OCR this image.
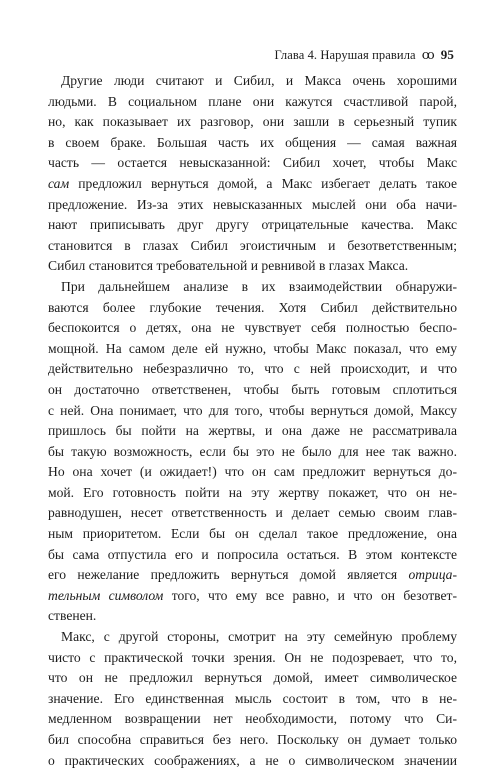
Глава 4. Нарушая правила ꝏ 95
Другие люди считают и Сибил, и Макса очень хорошими
людьми. В социальном плане они кажутся счастливой парой,
но, как показывает их разговор, они зашли в серьезный тупик
в своем браке. Большая часть их общения — самая важная
часть — остается невысказанной: Сибил хочет, чтобы Макс
сам предложил вернуться домой, а Макс избегает делать такое
предложение. Из-за этих невысказанных мыслей они оба начи-
нают приписывать друг другу отрицательные качества. Макс
становится в глазах Сибил эгоистичным и безответственным;
Сибил становится требовательной и ревнивой в глазах Макса.
При дальнейшем анализе в их взаимодействии обнаружи-
ваются более глубокие течения. Хотя Сибил действительно
беспокоится о детях, она не чувствует себя полностью беспо-
мощной. На самом деле ей нужно, чтобы Макс показал, что ему
действительно небезразлично то, что с ней происходит, и что
он достаточно ответственен, чтобы быть готовым сплотиться
с ней. Она понимает, что для того, чтобы вернуться домой, Максу
пришлось бы пойти на жертвы, и она даже не рассматривала
бы такую возможность, если бы это не было для нее так важно.
Но она хочет (и ожидает!) что он сам предложит вернуться до-
мой. Его готовность пойти на эту жертву покажет, что он не-
равнодушен, несет ответственность и делает семью своим глав-
ным приоритетом. Если бы он сделал такое предложение, она
бы сама отпустила его и попросила остаться. В этом контексте
его нежелание предложить вернуться домой является отрица-
тельным символом того, что ему все равно, и что он безответ-
ственен.
Макс, с другой стороны, смотрит на эту семейную проблему
чисто с практической точки зрения. Он не подозревает, что то,
что он не предложил вернуться домой, имеет символическое
значение. Его единственная мысль состоит в том, что в не-
медленном возвращении нет необходимости, потому что Си-
бил способна справиться без него. Поскольку он думает только
о практических соображениях, а не о символическом значении
